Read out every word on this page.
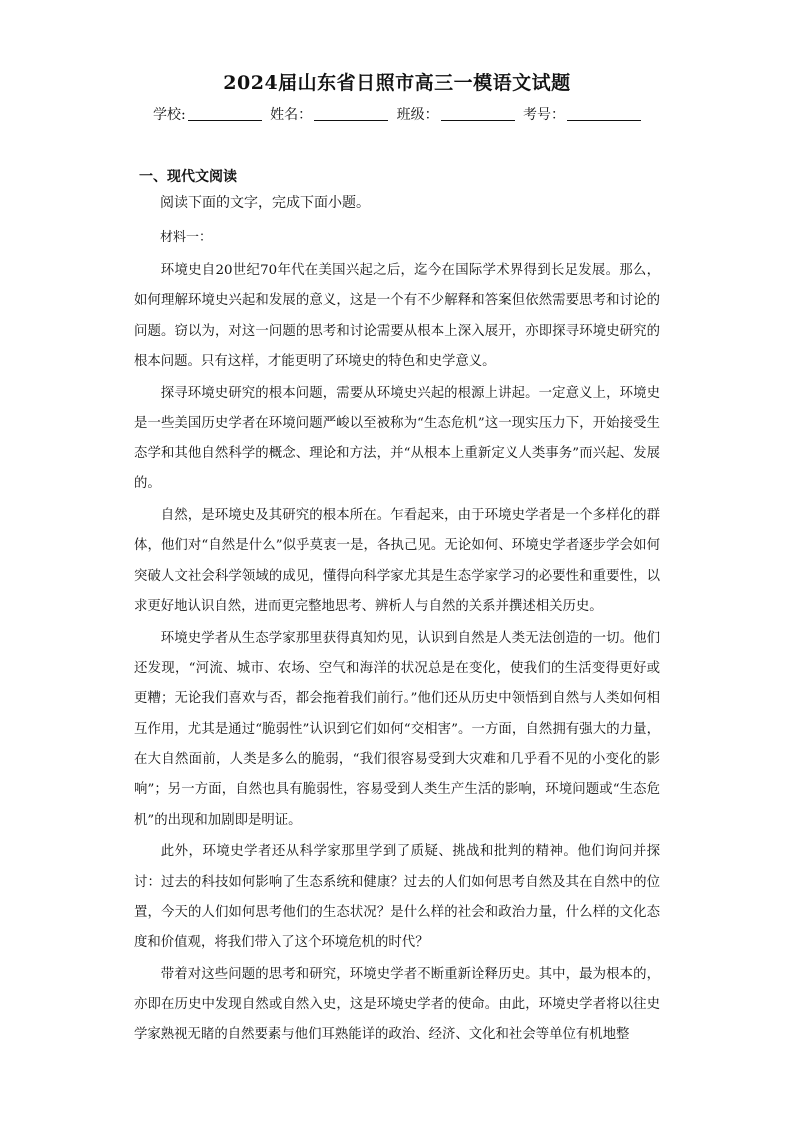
2024届山东省日照市高三一模语文试题
学校:	姓名：	班级：	考号：
一、现代文阅读
阅读下面的文字，完成下面小题。
材料一：

环境史自20世纪70年代在美国兴起之后，迄今在国际学术界得到长足发展。那么，如何理解环境史兴起和发展的意义，这是一个有不少解释和答案但依然需要思考和讨论的问题。窃以为，对这一问题的思考和讨论需要从根本上深入展开，亦即探寻环境史研究的根本问题。只有这样，才能更明了环境史的特色和史学意义。

探寻环境史研究的根本问题，需要从环境史兴起的根源上讲起。一定意义上，环境史是一些美国历史学者在环境问题严峻以至被称为“生态危机”这一现实压力下，开始接受生态学和其他自然科学的概念、理论和方法，并“从根本上重新定义人类事务”而兴起、发展的。

自然，是环境史及其研究的根本所在。乍看起来，由于环境史学者是一个多样化的群体，他们对“自然是什么”似乎莫衷一是，各执己见。无论如何、环境史学者逐步学会如何突破人文社会科学领域的成见，懂得向科学家尤其是生态学家学习的必要性和重要性，以求更好地认识自然，进而更完整地思考、辨析人与自然的关系并撰述相关历史。

环境史学者从生态学家那里获得真知灼见，认识到自然是人类无法创造的一切。他们还发现，“河流、城市、农场、空气和海洋的状况总是在变化，使我们的生活变得更好或更糟；无论我们喜欢与否，都会拖着我们前行。”他们还从历史中领悟到自然与人类如何相互作用，尤其是通过“脆弱性”认识到它们如何“交相害”。一方面，自然拥有强大的力量，在大自然面前，人类是多么的脆弱，“我们很容易受到大灾难和几乎看不见的小变化的影响”；另一方面，自然也具有脆弱性，容易受到人类生产生活的影响，环境问题或“生态危机”的出现和加剧即是明证。

此外，环境史学者还从科学家那里学到了质疑、挑战和批判的精神。他们询问并探讨：过去的科技如何影响了生态系统和健康？过去的人们如何思考自然及其在自然中的位置，今天的人们如何思考他们的生态状况？是什么样的社会和政治力量，什么样的文化态度和价值观，将我们带入了这个环境危机的时代？

带着对这些问题的思考和研究，环境史学者不断重新诠释历史。其中，最为根本的，亦即在历史中发现自然或自然入史，这是环境史学者的使命。由此，环境史学者将以往史学家熟视无睹的自然要素与他们耳熟能详的政治、经济、文化和社会等单位有机地整
